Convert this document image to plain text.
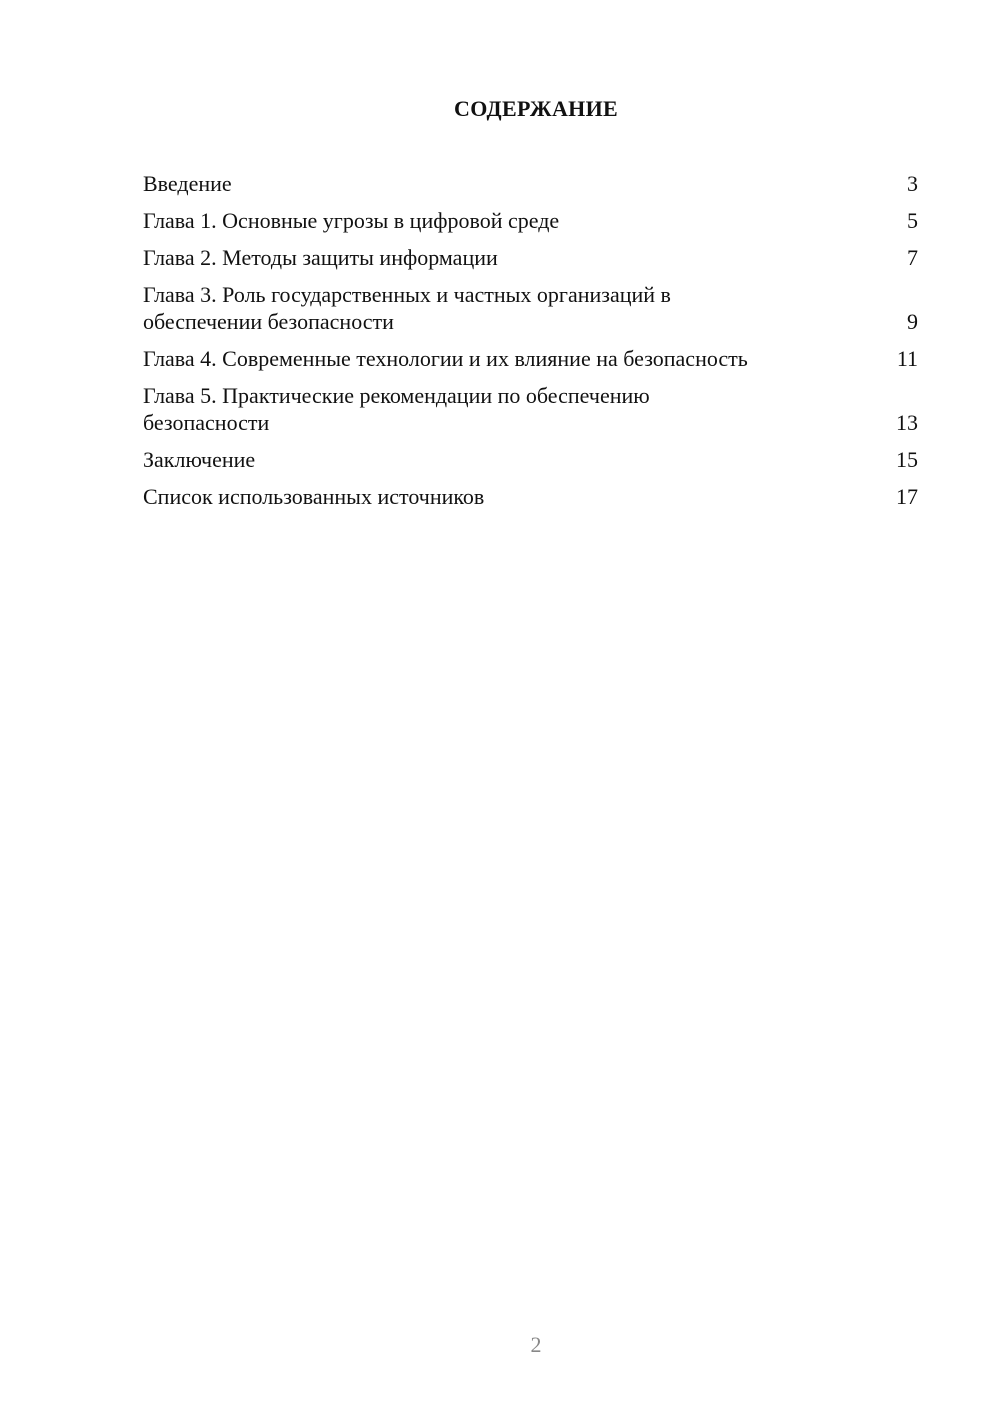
СОДЕРЖАНИЕ
Введение	3
Глава 1. Основные угрозы в цифровой среде	5
Глава 2. Методы защиты информации	7
Глава 3. Роль государственных и частных организаций в обеспечении безопасности	9
Глава 4. Современные технологии и их влияние на безопасность	11
Глава 5. Практические рекомендации по обеспечению безопасности	13
Заключение	15
Список использованных источников	17
2
